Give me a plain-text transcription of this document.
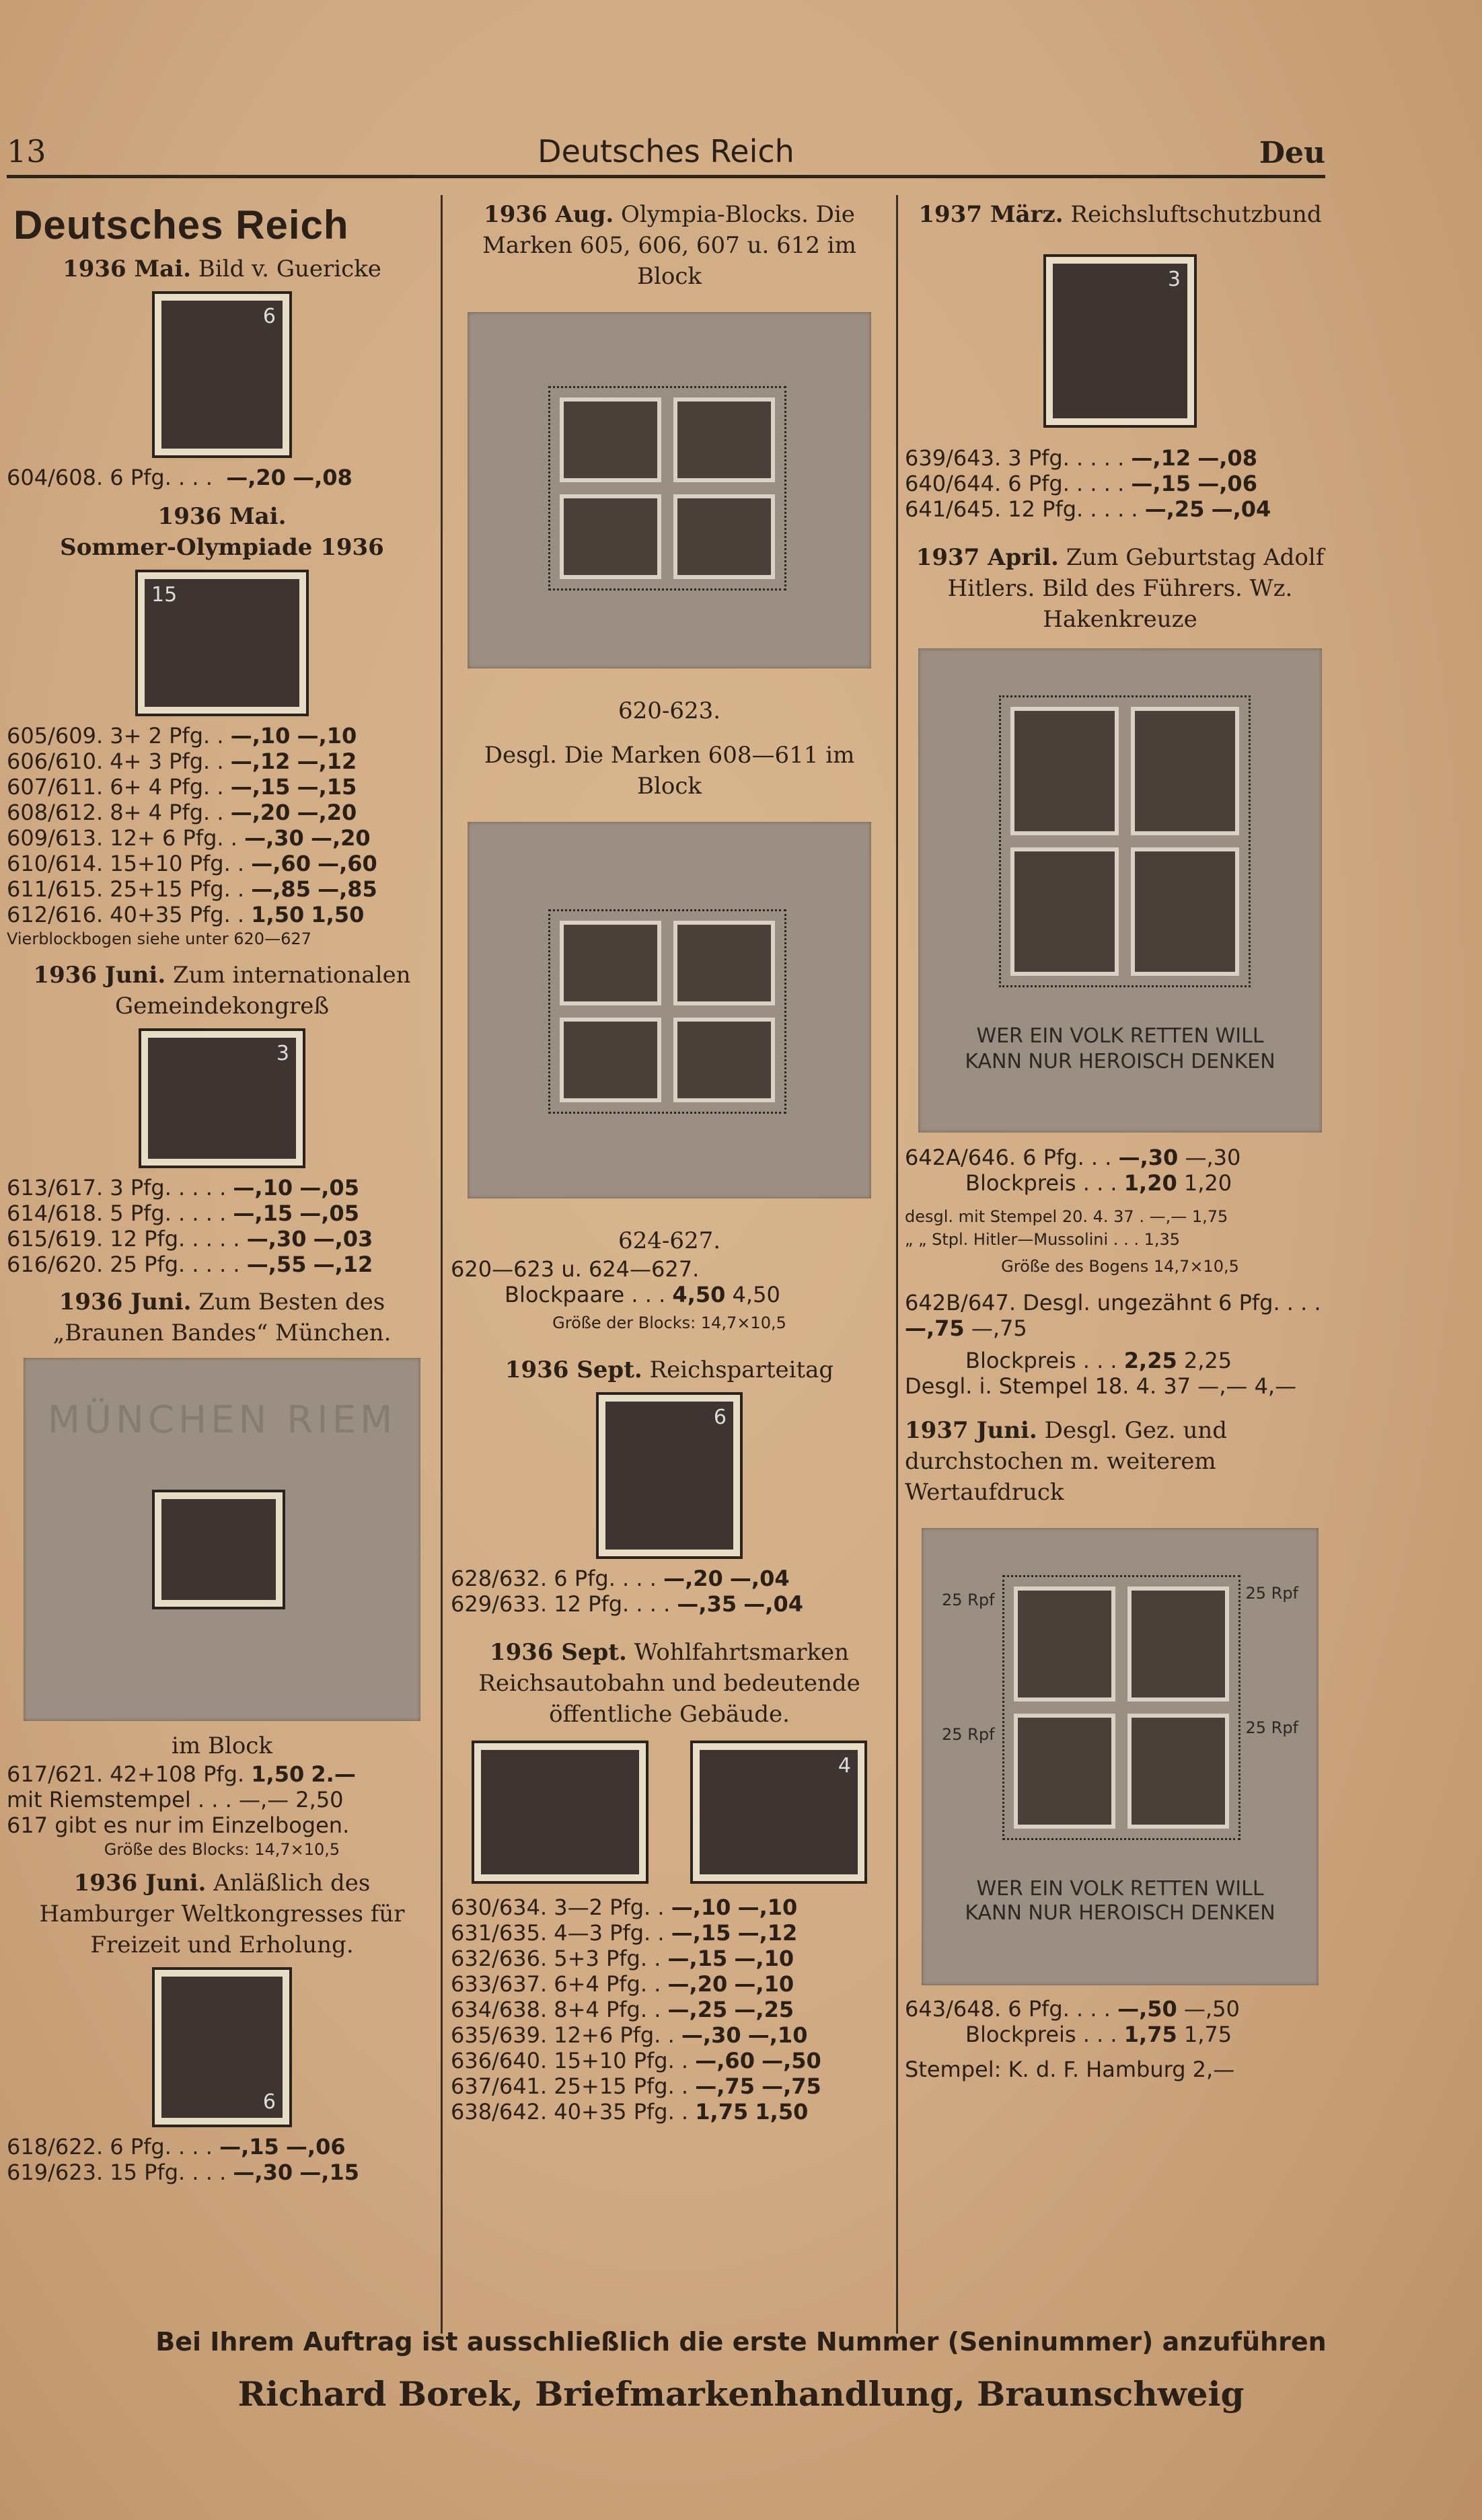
13	Deutsches Reich	Deu
Deutsches Reich
1936 Mai. Bild v. Guericke
6
604/608. 6 Pfg. . . .  —,20 —,08
1936 Mai.
Sommer-Olympiade 1936
15
605/609. 3+ 2 Pfg. . —,10 —,10
606/610. 4+ 3 Pfg. . —,12 —,12
607/611. 6+ 4 Pfg. . —,15 —,15
608/612. 8+ 4 Pfg. . —,20 —,20
609/613. 12+ 6 Pfg. . —,30 —,20
610/614. 15+10 Pfg. . —,60 —,60
611/615. 25+15 Pfg. . —,85 —,85
612/616. 40+35 Pfg. . 1,50 1,50
Vierblockbogen siehe unter 620—627
1936 Juni. Zum internationalen Gemeindekongreß
3
613/617. 3 Pfg. . . . . —,10 —,05
614/618. 5 Pfg. . . . . —,15 —,05
615/619. 12 Pfg. . . . . —,30 —,03
616/620. 25 Pfg. . . . . —,55 —,12
1936 Juni. Zum Besten des „Braunen Bandes“ München.
MÜNCHEN RIEM
im Block
617/621. 42+108 Pfg. 1,50 2.—
mit Riemstempel . . . —,— 2,50
617 gibt es nur im Einzelbogen.
Größe des Blocks: 14,7×10,5
1936 Juni. Anläßlich des Hamburger Weltkongresses für Freizeit und Erholung.
6
618/622. 6 Pfg. . . . —,15 —,06
619/623. 15 Pfg. . . . —,30 —,15
1936 Aug. Olympia-Blocks. Die Marken 605, 606, 607 u. 612 im Block
620-623.
Desgl. Die Marken 608—611 im Block
624-627.
620—623 u. 624—627.
Blockpaare . . . 4,50 4,50
Größe der Blocks: 14,7×10,5
1936 Sept. Reichsparteitag
6
628/632. 6 Pfg. . . . —,20 —,04
629/633. 12 Pfg. . . . —,35 —,04
1936 Sept. Wohlfahrtsmarken Reichsautobahn und bedeutende öffentliche Gebäude.
4
630/634. 3—2 Pfg. . —,10 —,10
631/635. 4—3 Pfg. . —,15 —,12
632/636. 5+3 Pfg. . —,15 —,10
633/637. 6+4 Pfg. . —,20 —,10
634/638. 8+4 Pfg. . —,25 —,25
635/639. 12+6 Pfg. . —,30 —,10
636/640. 15+10 Pfg. . —,60 —,50
637/641. 25+15 Pfg. . —,75 —,75
638/642. 40+35 Pfg. . 1,75 1,50
1937 März. Reichsluftschutzbund
3
639/643. 3 Pfg. . . . . —,12 —,08
640/644. 6 Pfg. . . . . —,15 —,06
641/645. 12 Pfg. . . . . —,25 —,04
1937 April. Zum Geburtstag Adolf Hitlers. Bild des Führers. Wz. Hakenkreuze
WER EIN VOLK RETTEN WILL
KANN NUR HEROISCH DENKEN
642A/646. 6 Pfg. . . —,30 —,30
Blockpreis . . . 1,20 1,20
desgl. mit Stempel 20. 4. 37 . —,— 1,75
„ „ Stpl. Hitler—Mussolini . . . 1,35
Größe des Bogens 14,7×10,5
642B/647. Desgl. ungezähnt 6 Pfg. . . . —,75 —,75
Blockpreis . . . 2,25 2,25
Desgl. i. Stempel 18. 4. 37 —,— 4,—
1937 Juni. Desgl. Gez. und durchstochen m. weiterem Wertaufdruck
25 Rpf	25 Rpf
25 Rpf	25 Rpf
WER EIN VOLK RETTEN WILL
KANN NUR HEROISCH DENKEN
643/648. 6 Pfg. . . . —,50 —,50
Blockpreis . . . 1,75 1,75
Stempel: K. d. F. Hamburg 2,—
Bei Ihrem Auftrag ist ausschließlich die erste Nummer (Seninummer) anzuführen
Richard Borek, Briefmarkenhandlung, Braunschweig
